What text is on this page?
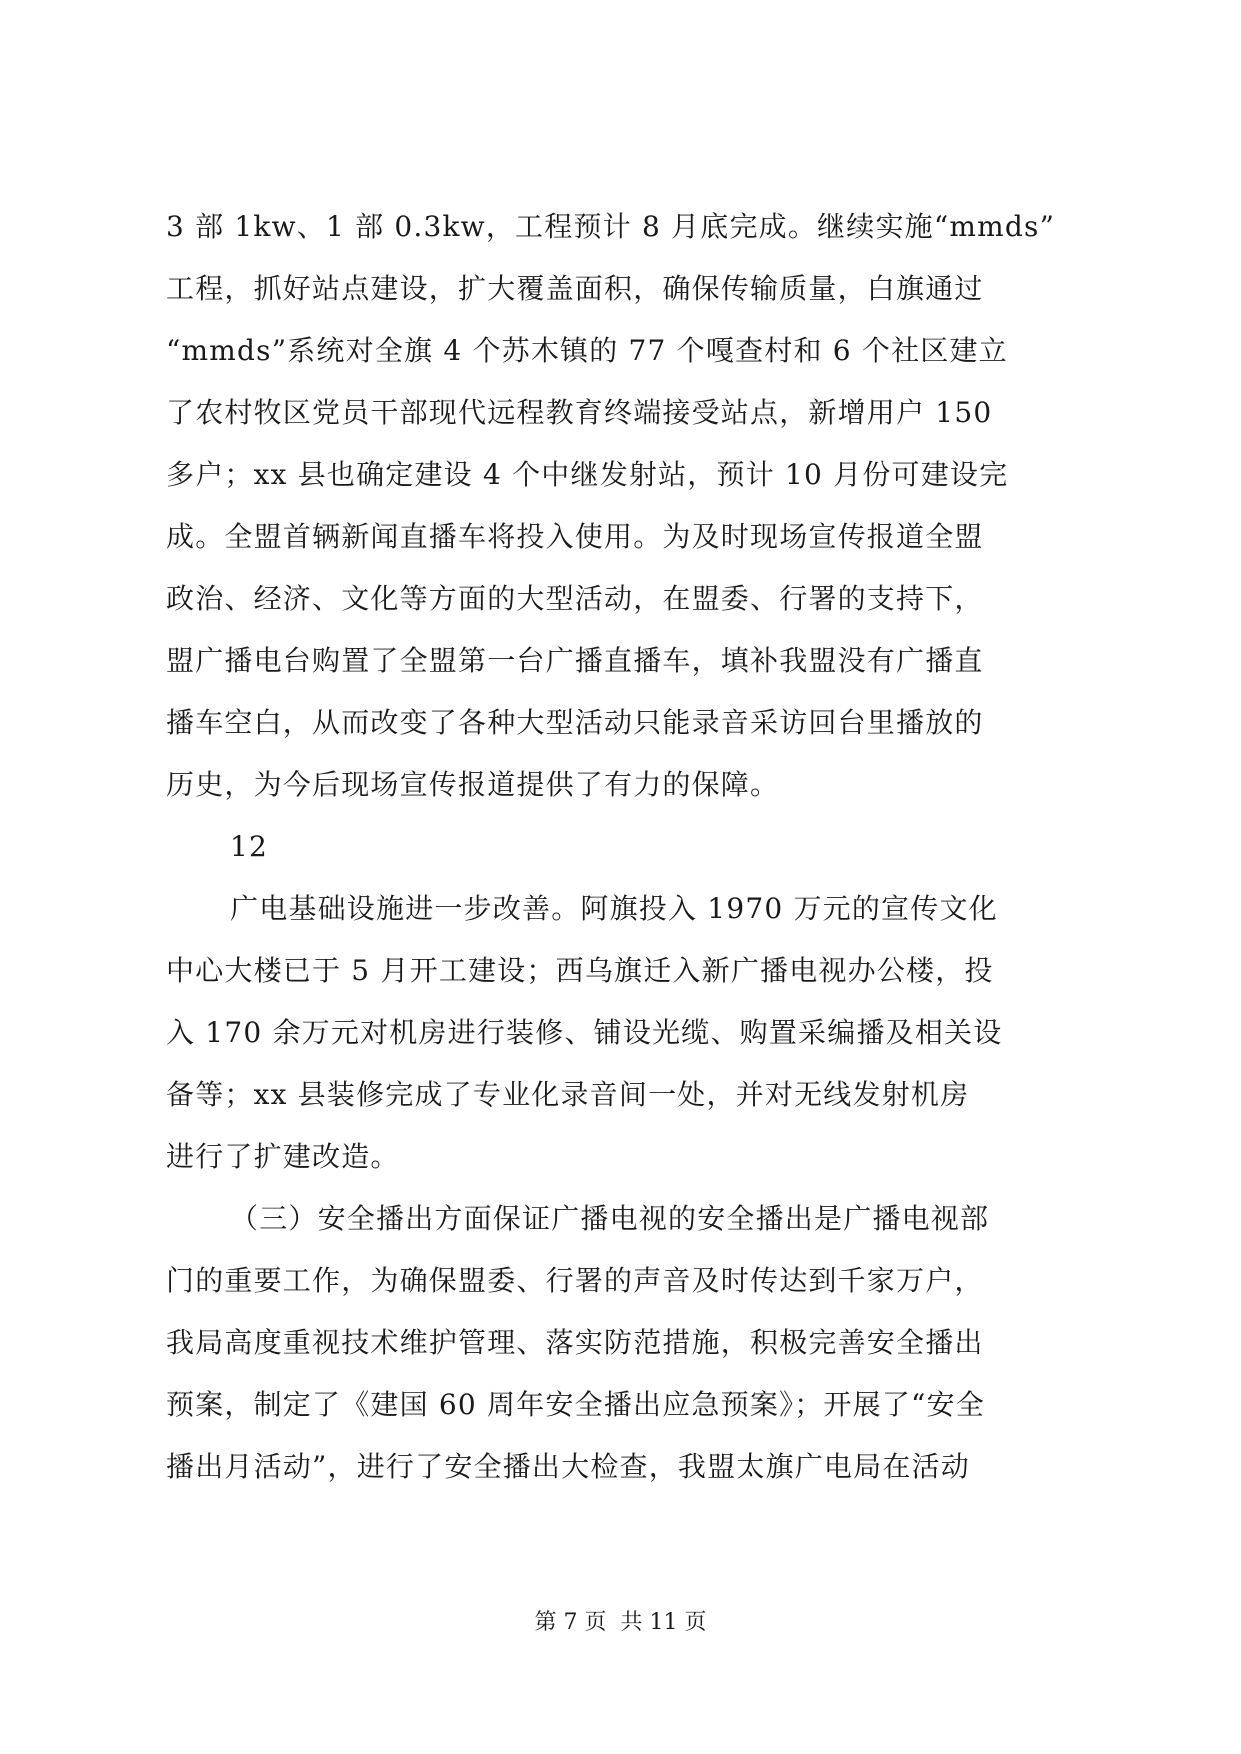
3 部 1kw、1 部 0.3kw，工程预计 8 月底完成。继续实施“mmds”
工程，抓好站点建设，扩大覆盖面积，确保传输质量，白旗通过
“mmds”系统对全旗 4 个苏木镇的 77 个嘎查村和 6 个社区建立
了农村牧区党员干部现代远程教育终端接受站点，新增用户 150
多户；xx 县也确定建设 4 个中继发射站，预计 10 月份可建设完
成。全盟首辆新闻直播车将投入使用。为及时现场宣传报道全盟
政治、经济、文化等方面的大型活动，在盟委、行署的支持下，
盟广播电台购置了全盟第一台广播直播车，填补我盟没有广播直
播车空白，从而改变了各种大型活动只能录音采访回台里播放的
历史，为今后现场宣传报道提供了有力的保障。
12
广电基础设施进一步改善。阿旗投入 1970 万元的宣传文化
中心大楼已于 5 月开工建设；西乌旗迁入新广播电视办公楼，投
入 170 余万元对机房进行装修、铺设光缆、购置采编播及相关设
备等；xx 县装修完成了专业化录音间一处，并对无线发射机房
进行了扩建改造。
（三）安全播出方面保证广播电视的安全播出是广播电视部
门的重要工作，为确保盟委、行署的声音及时传达到千家万户，
我局高度重视技术维护管理、落实防范措施，积极完善安全播出
预案，制定了《建国 60 周年安全播出应急预案》；开展了“安全
播出月活动”，进行了安全播出大检查，我盟太旗广电局在活动
第 7 页  共 11 页
